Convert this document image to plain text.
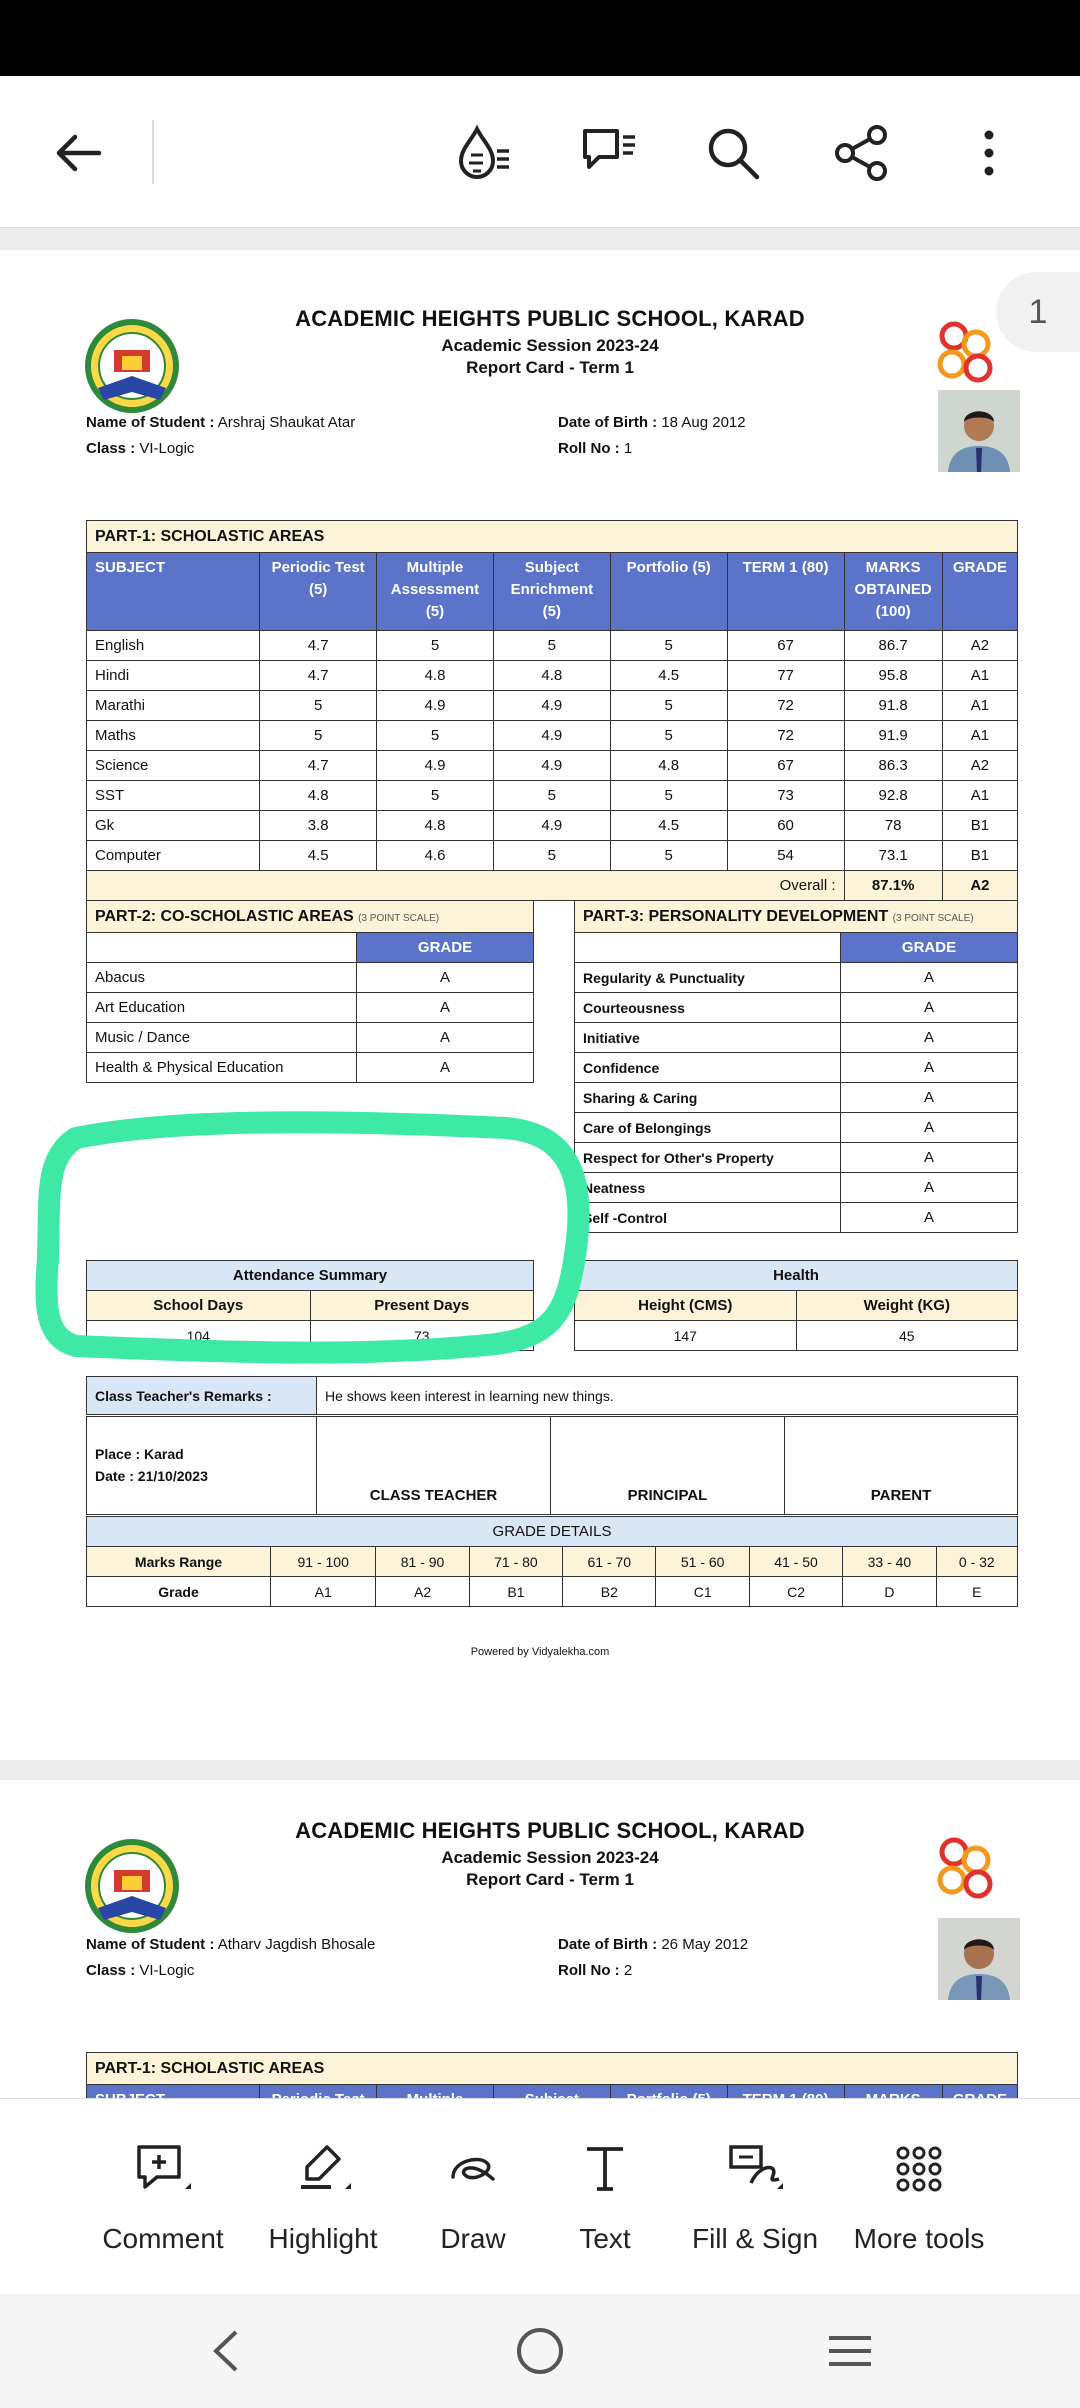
ACADEMIC HEIGHTS PUBLIC SCHOOL, KARAD
Academic Session 2023-24
Report Card - Term 1
1
Name of Student : Arshraj Shaukat Atar
Class : VI-Logic
Date of Birth : 18 Aug 2012
Roll No : 1
PART-1: SCHOLASTIC AREAS							
SUBJECT	Periodic Test (5)	Multiple Assessment (5)	Subject Enrichment (5)	Portfolio (5)	TERM 1 (80)	MARKS OBTAINED (100)	GRADE
English	4.7	5	5	5	67	86.7	A2
Hindi	4.7	4.8	4.8	4.5	77	95.8	A1
Marathi	5	4.9	4.9	5	72	91.8	A1
Maths	5	5	4.9	5	72	91.9	A1
Science	4.7	4.9	4.9	4.8	67	86.3	A2
SST	4.8	5	5	5	73	92.8	A1
Gk	3.8	4.8	4.9	4.5	60	78	B1
Computer	4.5	4.6	5	5	54	73.1	B1
Overall :						87.1%	A2
PART-2: CO-SCHOLASTIC AREAS (3 POINT SCALE)	
	GRADE
Abacus	A
Art Education	A
Music / Dance	A
Health & Physical Education	A
PART-3: PERSONALITY DEVELOPMENT (3 POINT SCALE)	
	GRADE
Regularity & Punctuality	A
Courteousness	A
Initiative	A
Confidence	A
Sharing & Caring	A
Care of Belongings	A
Respect for Other's Property	A
Neatness	A
Self -Control	A
Attendance Summary	
School Days	Present Days
104	73
Health	
Height (CMS)	Weight (KG)
147	45
Class Teacher's Remarks :	He shows keen interest in learning new things.
Place : Karad
Date : 21/10/2023
	CLASS TEACHER	PRINCIPAL	PARENT
GRADE DETAILS								
Marks Range	91 - 100	81 - 90	71 - 80	61 - 70	51 - 60	41 - 50	33 - 40	0 - 32
Grade	A1	A2	B1	B2	C1	C2	D	E
Powered by Vidyalekha.com
ACADEMIC HEIGHTS PUBLIC SCHOOL, KARAD
Academic Session 2023-24
Report Card - Term 1
Name of Student : Atharv Jagdish Bhosale
Class : VI-Logic
Date of Birth : 26 May 2012
Roll No : 2
PART-1: SCHOLASTIC AREAS

Comment Highlight Draw	Text Fill & Sign More tools
